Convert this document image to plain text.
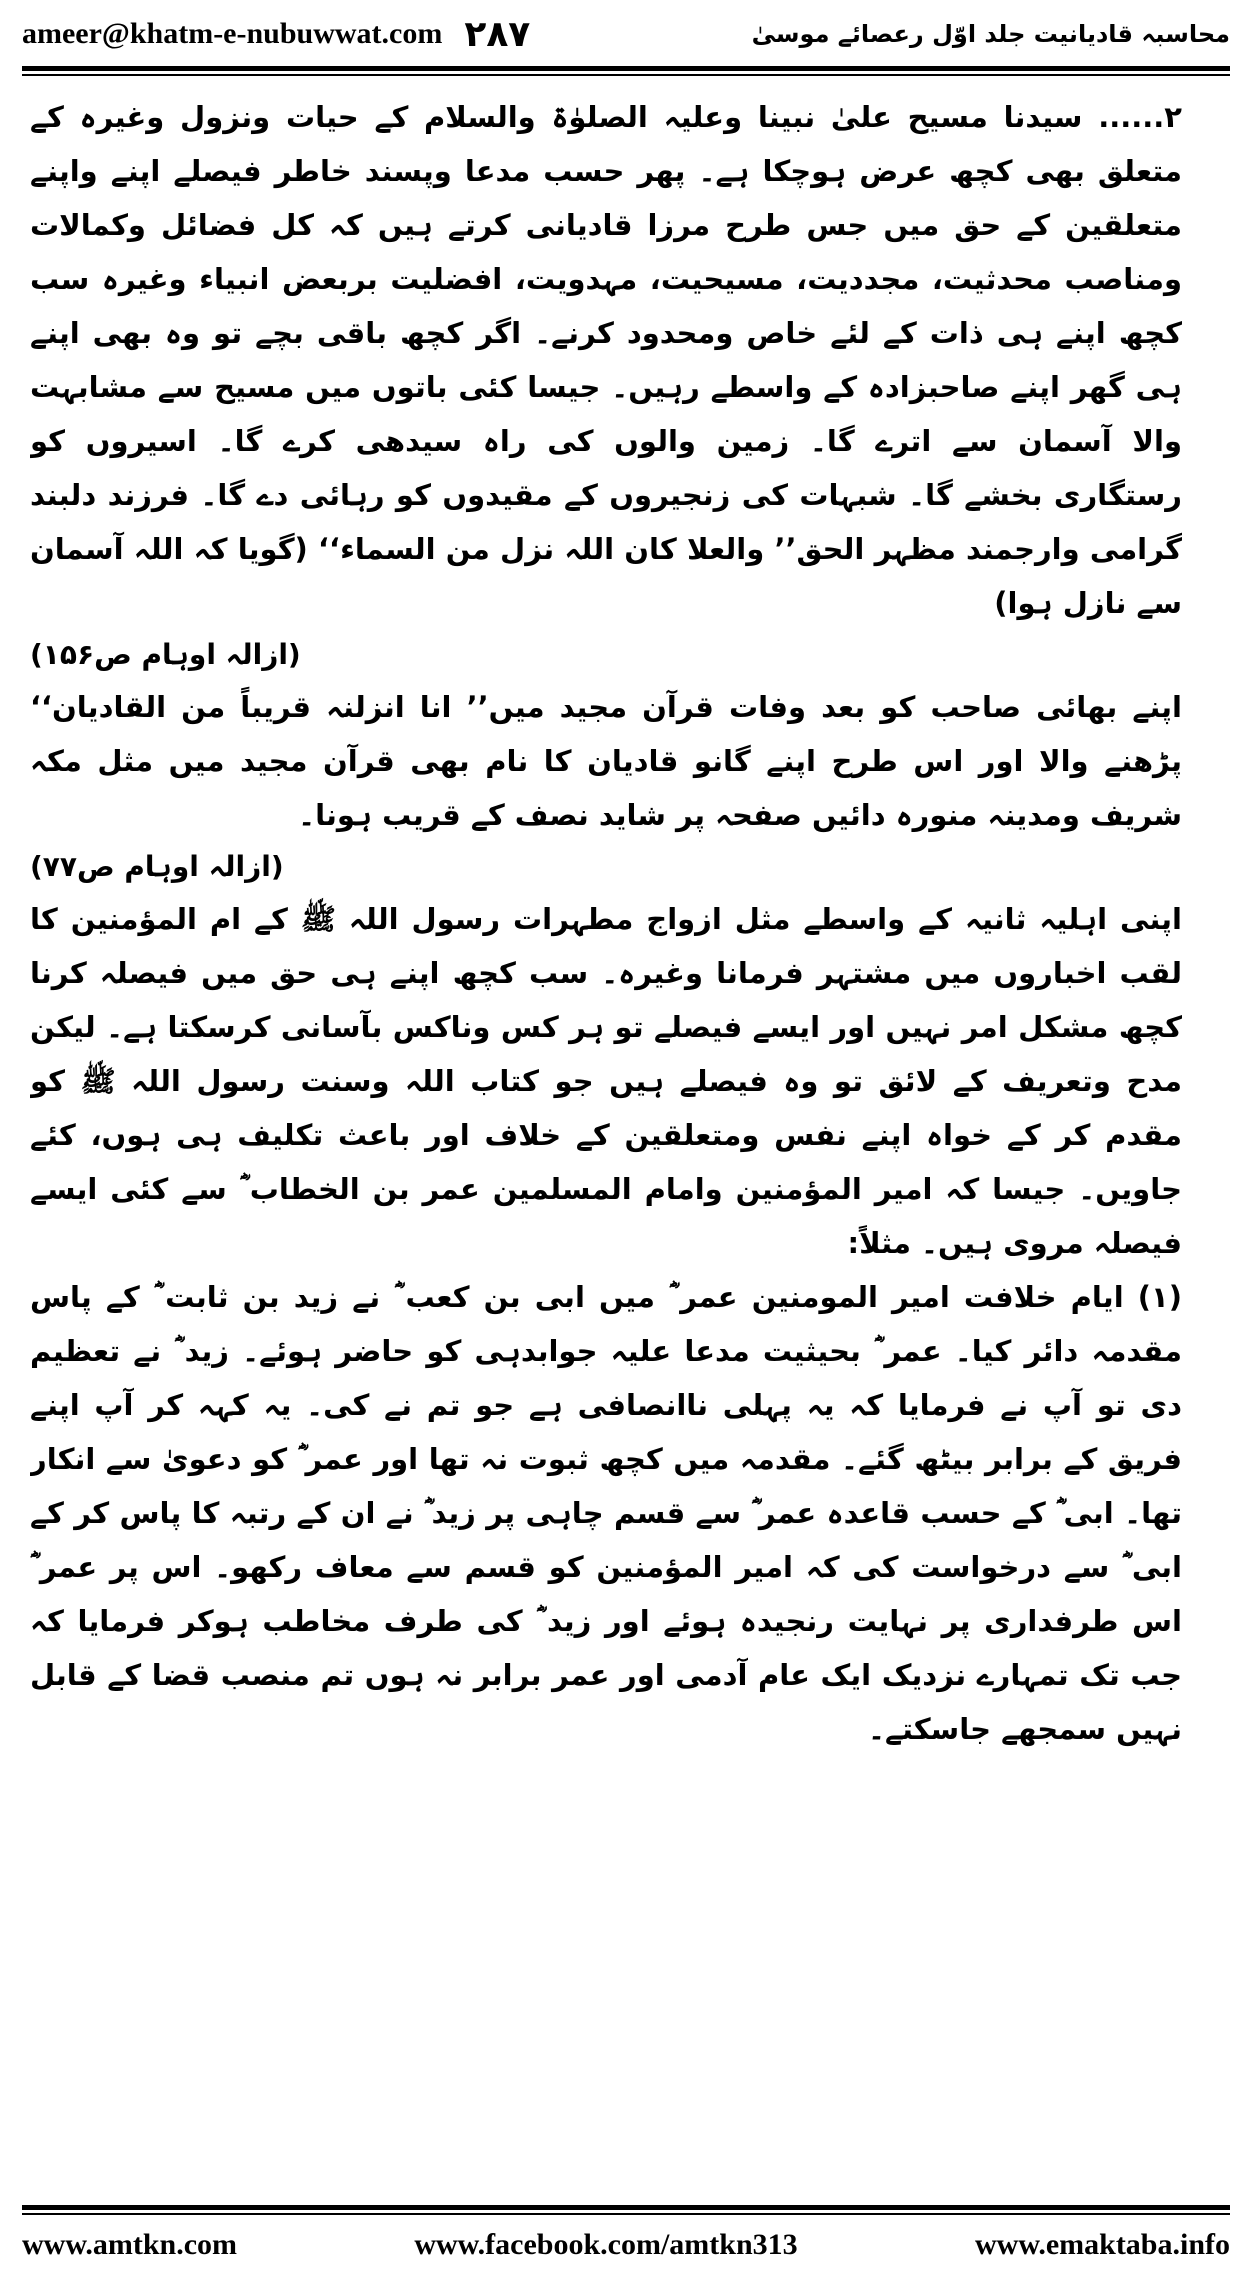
ameer@khatm-e-nubuwwat.com ۲۸۷	محاسبہ قادیانیت جلد اوّل رعصائے موسیٰ

۲...... سیدنا مسیح علیٰ نبینا وعلیہ الصلوٰۃ والسلام کے حیات ونزول وغیرہ کے متعلق بھی کچھ عرض ہوچکا ہے۔ پھر حسب مدعا وپسند خاطر فیصلے اپنے واپنے متعلقین کے حق میں جس طرح مرزا قادیانی کرتے ہیں کہ کل فضائل وکمالات ومناصب محدثیت، مجددیت، مسیحیت، مہدویت، افضلیت بربعض انبیاء وغیرہ سب کچھ اپنے ہی ذات کے لئے خاص ومحدود کرنے۔ اگر کچھ باقی بچے تو وہ بھی اپنے ہی گھر اپنے صاحبزادہ کے واسطے رہیں۔ جیسا کئی باتوں میں مسیح سے مشابہت والا آسمان سے اترے گا۔ زمین والوں کی راہ سیدھی کرے گا۔ اسیروں کو رستگاری بخشے گا۔ شبہات کی زنجیروں کے مقیدوں کو رہائی دے گا۔ فرزند دلبند گرامی وارجمند مظہر الحق’’ والعلا کان اللہ نزل من السماء‘‘ (گویا کہ اللہ آسمان سے نازل ہوا)

(ازالہ اوہام ص۱۵۶)

اپنے بھائی صاحب کو بعد وفات قرآن مجید میں’’ انا انزلنہ قریباً من القادیان‘‘ پڑھنے والا اور اس طرح اپنے گانو قادیان کا نام بھی قرآن مجید میں مثل مکہ شریف ومدینہ منورہ دائیں صفحہ پر شاید نصف کے قریب ہونا۔

(ازالہ اوہام ص۷۷)

اپنی اہلیہ ثانیہ کے واسطے مثل ازواج مطہرات رسول اللہ ﷺ کے ام المؤمنین کا لقب اخباروں میں مشتہر فرمانا وغیرہ۔ سب کچھ اپنے ہی حق میں فیصلہ کرنا کچھ مشکل امر نہیں اور ایسے فیصلے تو ہر کس وناکس بآسانی کرسکتا ہے۔ لیکن مدح وتعریف کے لائق تو وہ فیصلے ہیں جو کتاب اللہ وسنت رسول اللہ ﷺ کو مقدم کر کے خواہ اپنے نفس ومتعلقین کے خلاف اور باعث تکلیف ہی ہوں، کئے جاویں۔ جیسا کہ امیر المؤمنین وامام المسلمین عمر بن الخطاب ؓ سے کئی ایسے فیصلہ مروی ہیں۔ مثلاً:

(۱) ایام خلافت امیر المومنین عمر ؓ میں ابی بن کعب ؓ نے زید بن ثابت ؓ کے پاس مقدمہ دائر کیا۔ عمر ؓ بحیثیت مدعا علیہ جوابدہی کو حاضر ہوئے۔ زید ؓ نے تعظیم دی تو آپ نے فرمایا کہ یہ پہلی ناانصافی ہے جو تم نے کی۔ یہ کہہ کر آپ اپنے فریق کے برابر بیٹھ گئے۔ مقدمہ میں کچھ ثبوت نہ تھا اور عمر ؓ کو دعویٰ سے انکار تھا۔ ابی ؓ کے حسب قاعدہ عمر ؓ سے قسم چاہی پر زید ؓ نے ان کے رتبہ کا پاس کر کے ابی ؓ سے درخواست کی کہ امیر المؤمنین کو قسم سے معاف رکھو۔ اس پر عمر ؓ اس طرفداری پر نہایت رنجیدہ ہوئے اور زید ؓ کی طرف مخاطب ہوکر فرمایا کہ جب تک تمہارے نزدیک ایک عام آدمی اور عمر برابر نہ ہوں تم منصب قضا کے قابل نہیں سمجھے جاسکتے۔

www.amtkn.com	www.facebook.com/amtkn313	www.emaktaba.info
